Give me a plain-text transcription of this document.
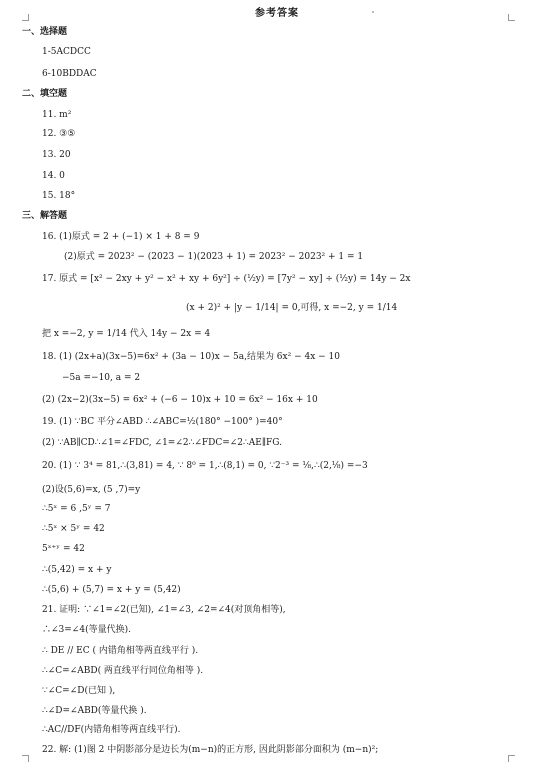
参考答案
一、选择题
1-5ACDCC
6-10BDDAC
二、填空题
11. m²
12. ③⑤
13. 20
14. 0
15. 18°
三、解答题
16. (1)原式 = 2 + (−1) × 1 + 8 = 9
(2)原式 = 2023² − (2023 − 1)(2023 + 1) = 2023² − 2023² + 1 = 1
17. 原式 = [x² − 2xy + y² − x² + xy + 6y²] ÷ (½y) = [7y² − xy] ÷ (½y) = 14y − 2x
(x + 2)² + |y − 1/14| = 0,可得, x =−2, y = 1/14
把 x =−2, y = 1/14 代入 14y − 2x = 4
18. (1) (2x+a)(3x−5)=6x² + (3a − 10)x − 5a,结果为 6x² − 4x − 10
−5a =−10, a = 2
(2) (2x−2)(3x−5) = 6x² + (−6 − 10)x + 10 = 6x² − 16x + 10
19. (1) ∵BC 平分∠ABD ∴∠ABC=½(180° −100° )=40°
(2) ∵AB∥CD∴∠1=∠FDC, ∠1=∠2∴∠FDC=∠2∴AE∥FG.
20. (1) ∵ 3⁴ = 81,∴(3,81) = 4, ∵ 8⁰ = 1,∴(8,1) = 0, ∵2⁻³ = ⅛,∴(2,⅛) =−3
(2)设(5,6)=x, (5 ,7)=y
∴5ˣ = 6 ,5ʸ = 7
∴5ˣ × 5ʸ = 42
5ˣ⁺ʸ = 42
∴(5,42) = x + y
∴(5,6) + (5,7) = x + y = (5,42)
21. 证明: ∵∠1=∠2(已知), ∠1=∠3, ∠2=∠4(对顶角相等),
∴∠3=∠4(等量代换).
∴ DE // EC ( 内错角相等两直线平行 ).
∴∠C=∠ABD( 两直线平行同位角相等 ).
∵∠C=∠D(已知 ),
∴∠D=∠ABD(等量代换 ).
∴AC//DF(内错角相等两直线平行).
22. 解: (1)图 2 中阴影部分是边长为(m−n)的正方形, 因此阴影部分面积为 (m−n)²;
